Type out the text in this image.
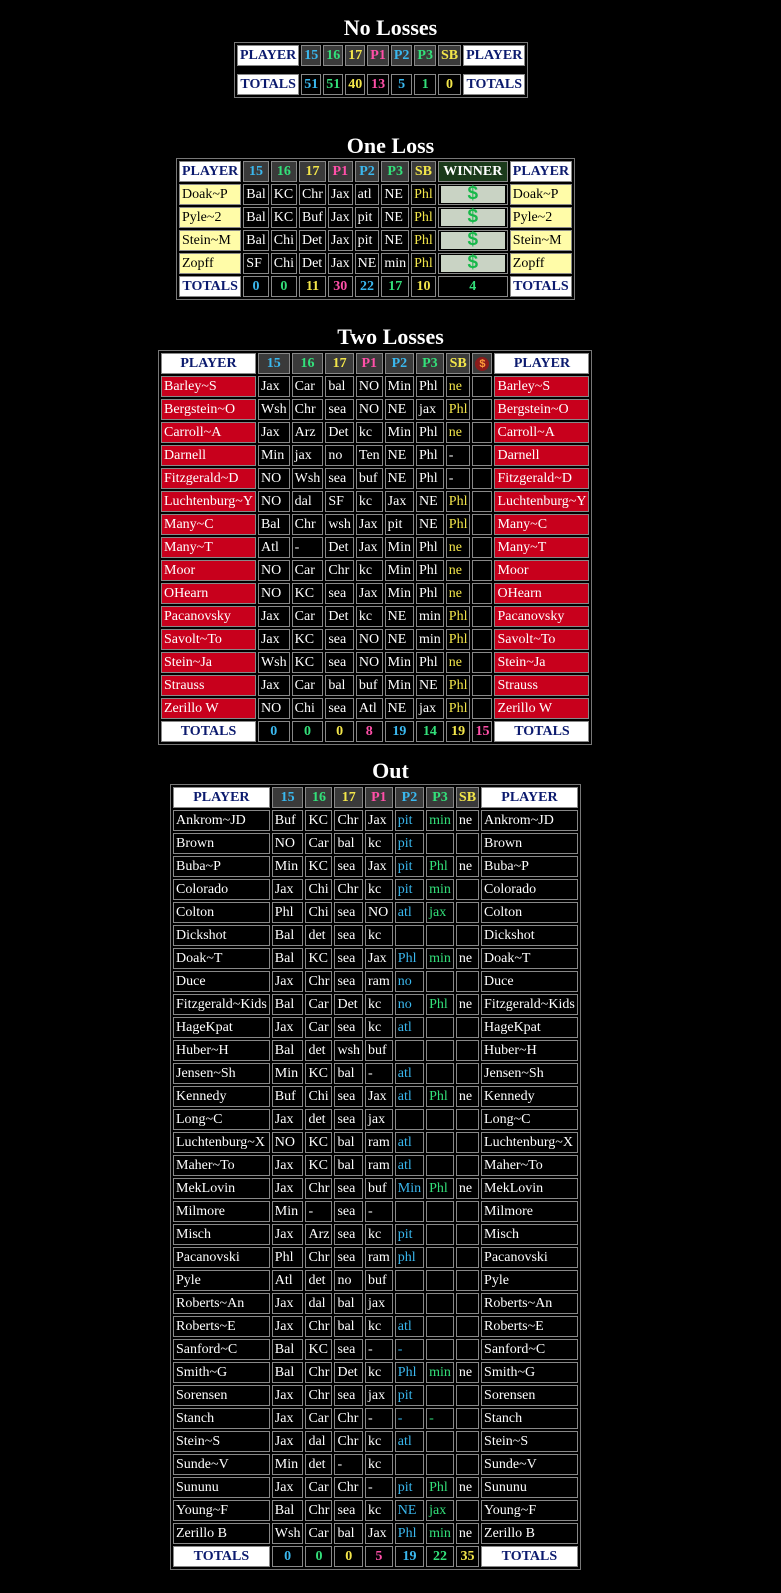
No Losses
PLAYER	15	16	17	P1	P2	P3	SB	PLAYER

TOTALS	51	51	40	13	5	1	0	TOTALS
One Loss
PLAYER	15	16	17	P1	P2	P3	SB	WINNER	PLAYER
Doak~P	Bal	KC	Chr	Jax	atl	NE	Phl	$	Doak~P
Pyle~2	Bal	KC	Buf	Jax	pit	NE	Phl	$	Pyle~2
Stein~M	Bal	Chi	Det	Jax	pit	NE	Phl	$	Stein~M
Zopff	SF	Chi	Det	Jax	NE	min	Phl	$	Zopff
TOTALS	0	0	11	30	22	17	10	4	TOTALS
Two Losses
PLAYER	15	16	17	P1	P2	P3	SB	$	PLAYER
Barley~S	Jax	Car	bal	NO	Min	Phl	ne		Barley~S
Bergstein~O	Wsh	Chr	sea	NO	NE	jax	Phl		Bergstein~O
Carroll~A	Jax	Arz	Det	kc	Min	Phl	ne		Carroll~A
Darnell	Min	jax	no	Ten	NE	Phl	-		Darnell
Fitzgerald~D	NO	Wsh	sea	buf	NE	Phl	-		Fitzgerald~D
Luchtenburg~Y	NO	dal	SF	kc	Jax	NE	Phl		Luchtenburg~Y
Many~C	Bal	Chr	wsh	Jax	pit	NE	Phl		Many~C
Many~T	Atl	-	Det	Jax	Min	Phl	ne		Many~T
Moor	NO	Car	Chr	kc	Min	Phl	ne		Moor
OHearn	NO	KC	sea	Jax	Min	Phl	ne		OHearn
Pacanovsky	Jax	Car	Det	kc	NE	min	Phl		Pacanovsky
Savolt~To	Jax	KC	sea	NO	NE	min	Phl		Savolt~To
Stein~Ja	Wsh	KC	sea	NO	Min	Phl	ne		Stein~Ja
Strauss	Jax	Car	bal	buf	Min	NE	Phl		Strauss
Zerillo W	NO	Chi	sea	Atl	NE	jax	Phl		Zerillo W
TOTALS	0	0	0	8	19	14	19	15	TOTALS
Out
PLAYER	15	16	17	P1	P2	P3	SB	PLAYER
Ankrom~JD	Buf	KC	Chr	Jax	pit	min	ne	Ankrom~JD
Brown	NO	Car	bal	kc	pit			Brown
Buba~P	Min	KC	sea	Jax	pit	Phl	ne	Buba~P
Colorado	Jax	Chi	Chr	kc	pit	min		Colorado
Colton	Phl	Chi	sea	NO	atl	jax		Colton
Dickshot	Bal	det	sea	kc				Dickshot
Doak~T	Bal	KC	sea	Jax	Phl	min	ne	Doak~T
Duce	Jax	Chr	sea	ram	no			Duce
Fitzgerald~Kids	Bal	Car	Det	kc	no	Phl	ne	Fitzgerald~Kids
HageKpat	Jax	Car	sea	kc	atl			HageKpat
Huber~H	Bal	det	wsh	buf				Huber~H
Jensen~Sh	Min	KC	bal	-	atl			Jensen~Sh
Kennedy	Buf	Chi	sea	Jax	atl	Phl	ne	Kennedy
Long~C	Jax	det	sea	jax				Long~C
Luchtenburg~X	NO	KC	bal	ram	atl			Luchtenburg~X
Maher~To	Jax	KC	bal	ram	atl			Maher~To
MekLovin	Jax	Chr	sea	buf	Min	Phl	ne	MekLovin
Milmore	Min	-	sea	-				Milmore
Misch	Jax	Arz	sea	kc	pit			Misch
Pacanovski	Phl	Chr	sea	ram	phl			Pacanovski
Pyle	Atl	det	no	buf				Pyle
Roberts~An	Jax	dal	bal	jax				Roberts~An
Roberts~E	Jax	Chr	bal	kc	atl			Roberts~E
Sanford~C	Bal	KC	sea	-	-			Sanford~C
Smith~G	Bal	Chr	Det	kc	Phl	min	ne	Smith~G
Sorensen	Jax	Chr	sea	jax	pit			Sorensen
Stanch	Jax	Car	Chr	-	-	-		Stanch
Stein~S	Jax	dal	Chr	kc	atl			Stein~S
Sunde~V	Min	det	-	kc				Sunde~V
Sununu	Jax	Car	Chr	-	pit	Phl	ne	Sununu
Young~F	Bal	Chr	sea	kc	NE	jax		Young~F
Zerillo B	Wsh	Car	bal	Jax	Phl	min	ne	Zerillo B
TOTALS	0	0	0	5	19	22	35	TOTALS
